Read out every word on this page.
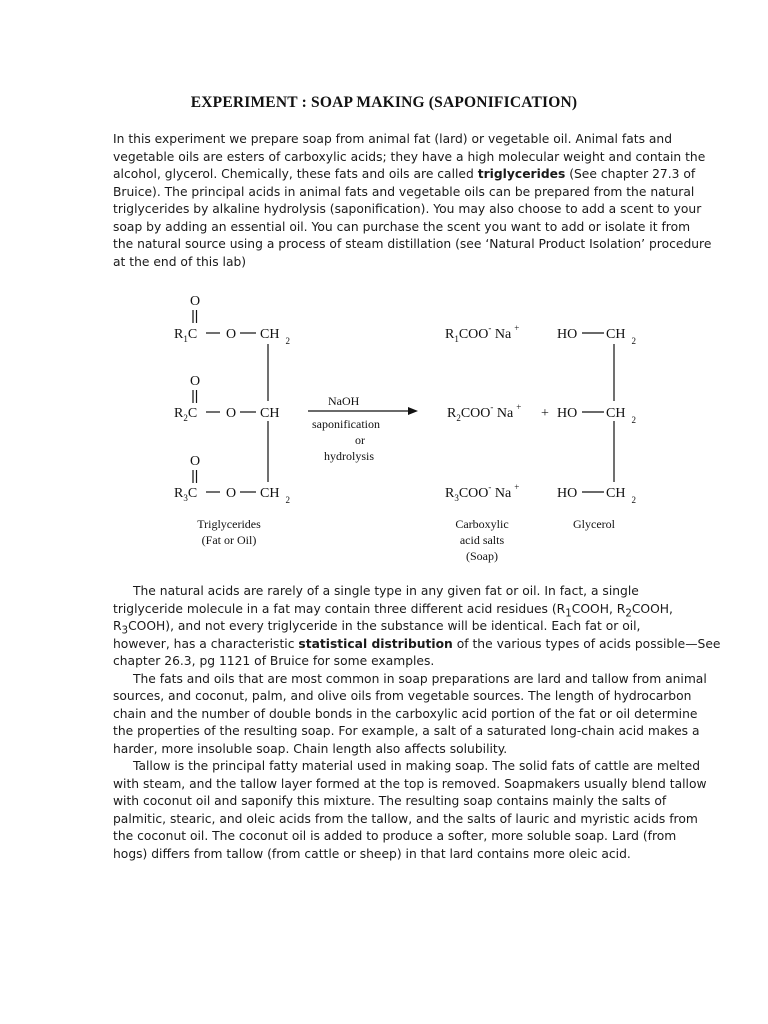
EXPERIMENT : SOAP MAKING (SAPONIFICATION)
In this experiment we prepare soap from animal fat (lard) or vegetable oil. Animal fats and
vegetable oils are esters of carboxylic acids; they have a high molecular weight and contain the
alcohol, glycerol. Chemically, these fats and oils are called triglycerides (See chapter 27.3 of
Bruice). The principal acids in animal fats and vegetable oils can be prepared from the natural
triglycerides by alkaline hydrolysis (saponification). You may also choose to add a scent to your
soap by adding an essential oil. You can purchase the scent you want to add or isolate it from
the natural source using a process of steam distillation (see ‘Natural Product Isolation’ procedure
at the end of this lab)
O
$R_1C$ O CH $_2$
O
$R_2C$ O CH
O
$R_3C$ O CH $_2$
NaOH
saponification
or
hydrolysis
$R_1COO^-$ Na +
$R_2COO^-$ Na + +
$R_3COO^-$ Na +
HO CH $_2$
HO CH $_2$
HO CH $_2$
Triglycerides
(Fat or Oil)
Carboxylic
acid salts
(Soap)
Glycerol
The natural acids are rarely of a single type in any given fat or oil. In fact, a single
triglyceride molecule in a fat may contain three different acid residues ($R_1COOH$, $R_2COOH$,
$R_3COOH$), and not every triglyceride in the substance will be identical. Each fat or oil,
however, has a characteristic statistical distribution of the various types of acids possible—See
chapter 26.3, pg 1121 of Bruice for some examples.
The fats and oils that are most common in soap preparations are lard and tallow from animal
sources, and coconut, palm, and olive oils from vegetable sources. The length of hydrocarbon
chain and the number of double bonds in the carboxylic acid portion of the fat or oil determine
the properties of the resulting soap. For example, a salt of a saturated long-chain acid makes a
harder, more insoluble soap. Chain length also affects solubility.
Tallow is the principal fatty material used in making soap. The solid fats of cattle are melted
with steam, and the tallow layer formed at the top is removed. Soapmakers usually blend tallow
with coconut oil and saponify this mixture. The resulting soap contains mainly the salts of
palmitic, stearic, and oleic acids from the tallow, and the salts of lauric and myristic acids from
the coconut oil. The coconut oil is added to produce a softer, more soluble soap. Lard (from
hogs) differs from tallow (from cattle or sheep) in that lard contains more oleic acid.
